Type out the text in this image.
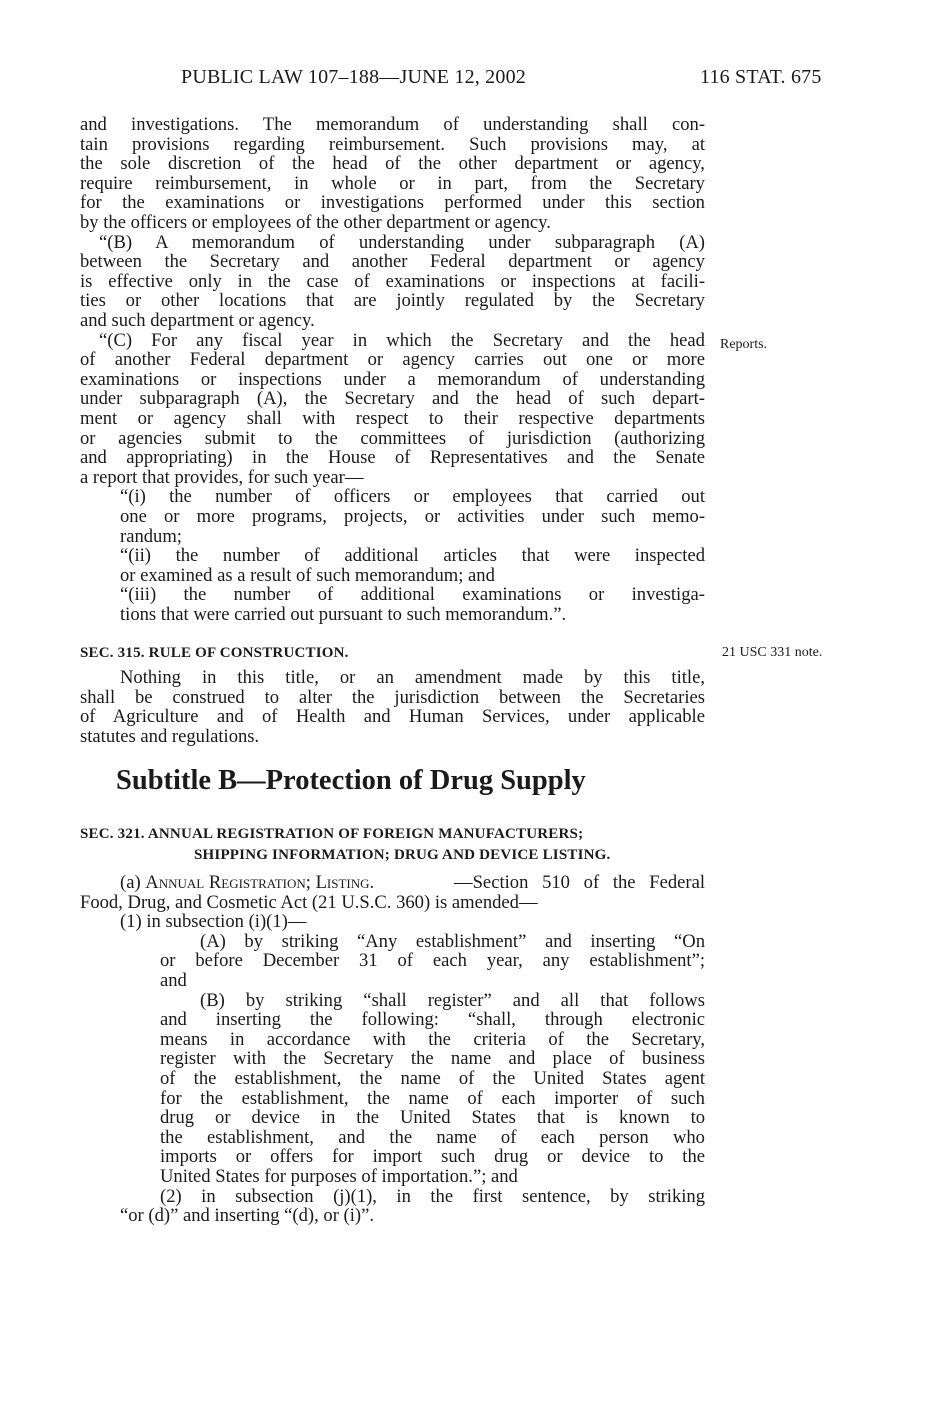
PUBLIC LAW 107–188—JUNE 12, 2002	116 STAT. 675
Reports.
21 USC 331 note.
SEC. 315. RULE OF CONSTRUCTION.
Subtitle B—Protection of Drug Supply
SEC. 321. ANNUAL REGISTRATION OF FOREIGN MANUFACTURERS;
SHIPPING INFORMATION; DRUG AND DEVICE LISTING.
(a) Annual Registration; Listing.
and investigations. The memorandum of understanding shall con-
tain provisions regarding reimbursement. Such provisions may, at
the sole discretion of the head of the other department or agency,
require reimbursement, in whole or in part, from the Secretary
for the examinations or investigations performed under this section
by the officers or employees of the other department or agency.
“(B) A memorandum of understanding under subparagraph (A)
between the Secretary and another Federal department or agency
is effective only in the case of examinations or inspections at facili-
ties or other locations that are jointly regulated by the Secretary
and such department or agency.
“(C) For any fiscal year in which the Secretary and the head
of another Federal department or agency carries out one or more
examinations or inspections under a memorandum of understanding
under subparagraph (A), the Secretary and the head of such depart-
ment or agency shall with respect to their respective departments
or agencies submit to the committees of jurisdiction (authorizing
and appropriating) in the House of Representatives and the Senate
a report that provides, for such year—
“(i) the number of officers or employees that carried out
one or more programs, projects, or activities under such memo-
randum;
“(ii) the number of additional articles that were inspected
or examined as a result of such memorandum; and
“(iii) the number of additional examinations or investiga-
tions that were carried out pursuant to such memorandum.”.
Nothing in this title, or an amendment made by this title,
shall be construed to alter the jurisdiction between the Secretaries
of Agriculture and of Health and Human Services, under applicable
statutes and regulations.
—Section 510 of the Federal
Food, Drug, and Cosmetic Act (21 U.S.C. 360) is amended—
(1) in subsection (i)(1)—
(A) by striking “Any establishment” and inserting “On
or before December 31 of each year, any establishment”;
and
(B) by striking “shall register” and all that follows
and inserting the following: “shall, through electronic
means in accordance with the criteria of the Secretary,
register with the Secretary the name and place of business
of the establishment, the name of the United States agent
for the establishment, the name of each importer of such
drug or device in the United States that is known to
the establishment, and the name of each person who
imports or offers for import such drug or device to the
United States for purposes of importation.”; and
(2) in subsection (j)(1), in the first sentence, by striking
“or (d)” and inserting “(d), or (i)”.
